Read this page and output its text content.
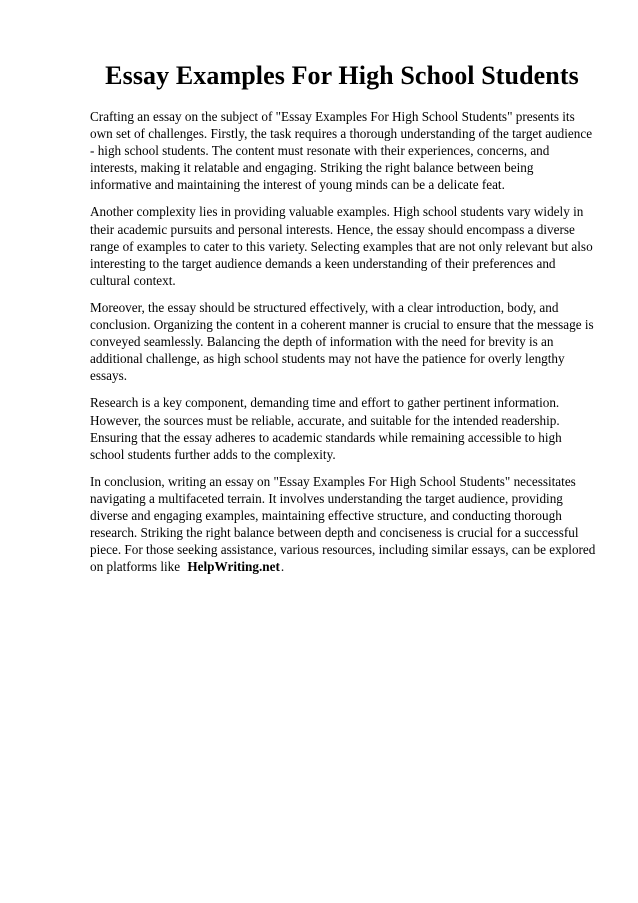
Essay Examples For High School Students

Crafting an essay on the subject of "Essay Examples For High School Students" presents its own set of challenges. Firstly, the task requires a thorough understanding of the target audience - high school students. The content must resonate with their experiences, concerns, and interests, making it relatable and engaging. Striking the right balance between being informative and maintaining the interest of young minds can be a delicate feat.

Another complexity lies in providing valuable examples. High school students vary widely in their academic pursuits and personal interests. Hence, the essay should encompass a diverse range of examples to cater to this variety. Selecting examples that are not only relevant but also interesting to the target audience demands a keen understanding of their preferences and cultural context.

Moreover, the essay should be structured effectively, with a clear introduction, body, and conclusion. Organizing the content in a coherent manner is crucial to ensure that the message is conveyed seamlessly. Balancing the depth of information with the need for brevity is an additional challenge, as high school students may not have the patience for overly lengthy essays.

Research is a key component, demanding time and effort to gather pertinent information. However, the sources must be reliable, accurate, and suitable for the intended readership. Ensuring that the essay adheres to academic standards while remaining accessible to high school students further adds to the complexity.

In conclusion, writing an essay on "Essay Examples For High School Students" necessitates navigating a multifaceted terrain. It involves understanding the target audience, providing diverse and engaging examples, maintaining effective structure, and conducting thorough research. Striking the right balance between depth and conciseness is crucial for a successful piece. For those seeking assistance, various resources, including similar essays, can be explored on platforms like HelpWriting.net.
